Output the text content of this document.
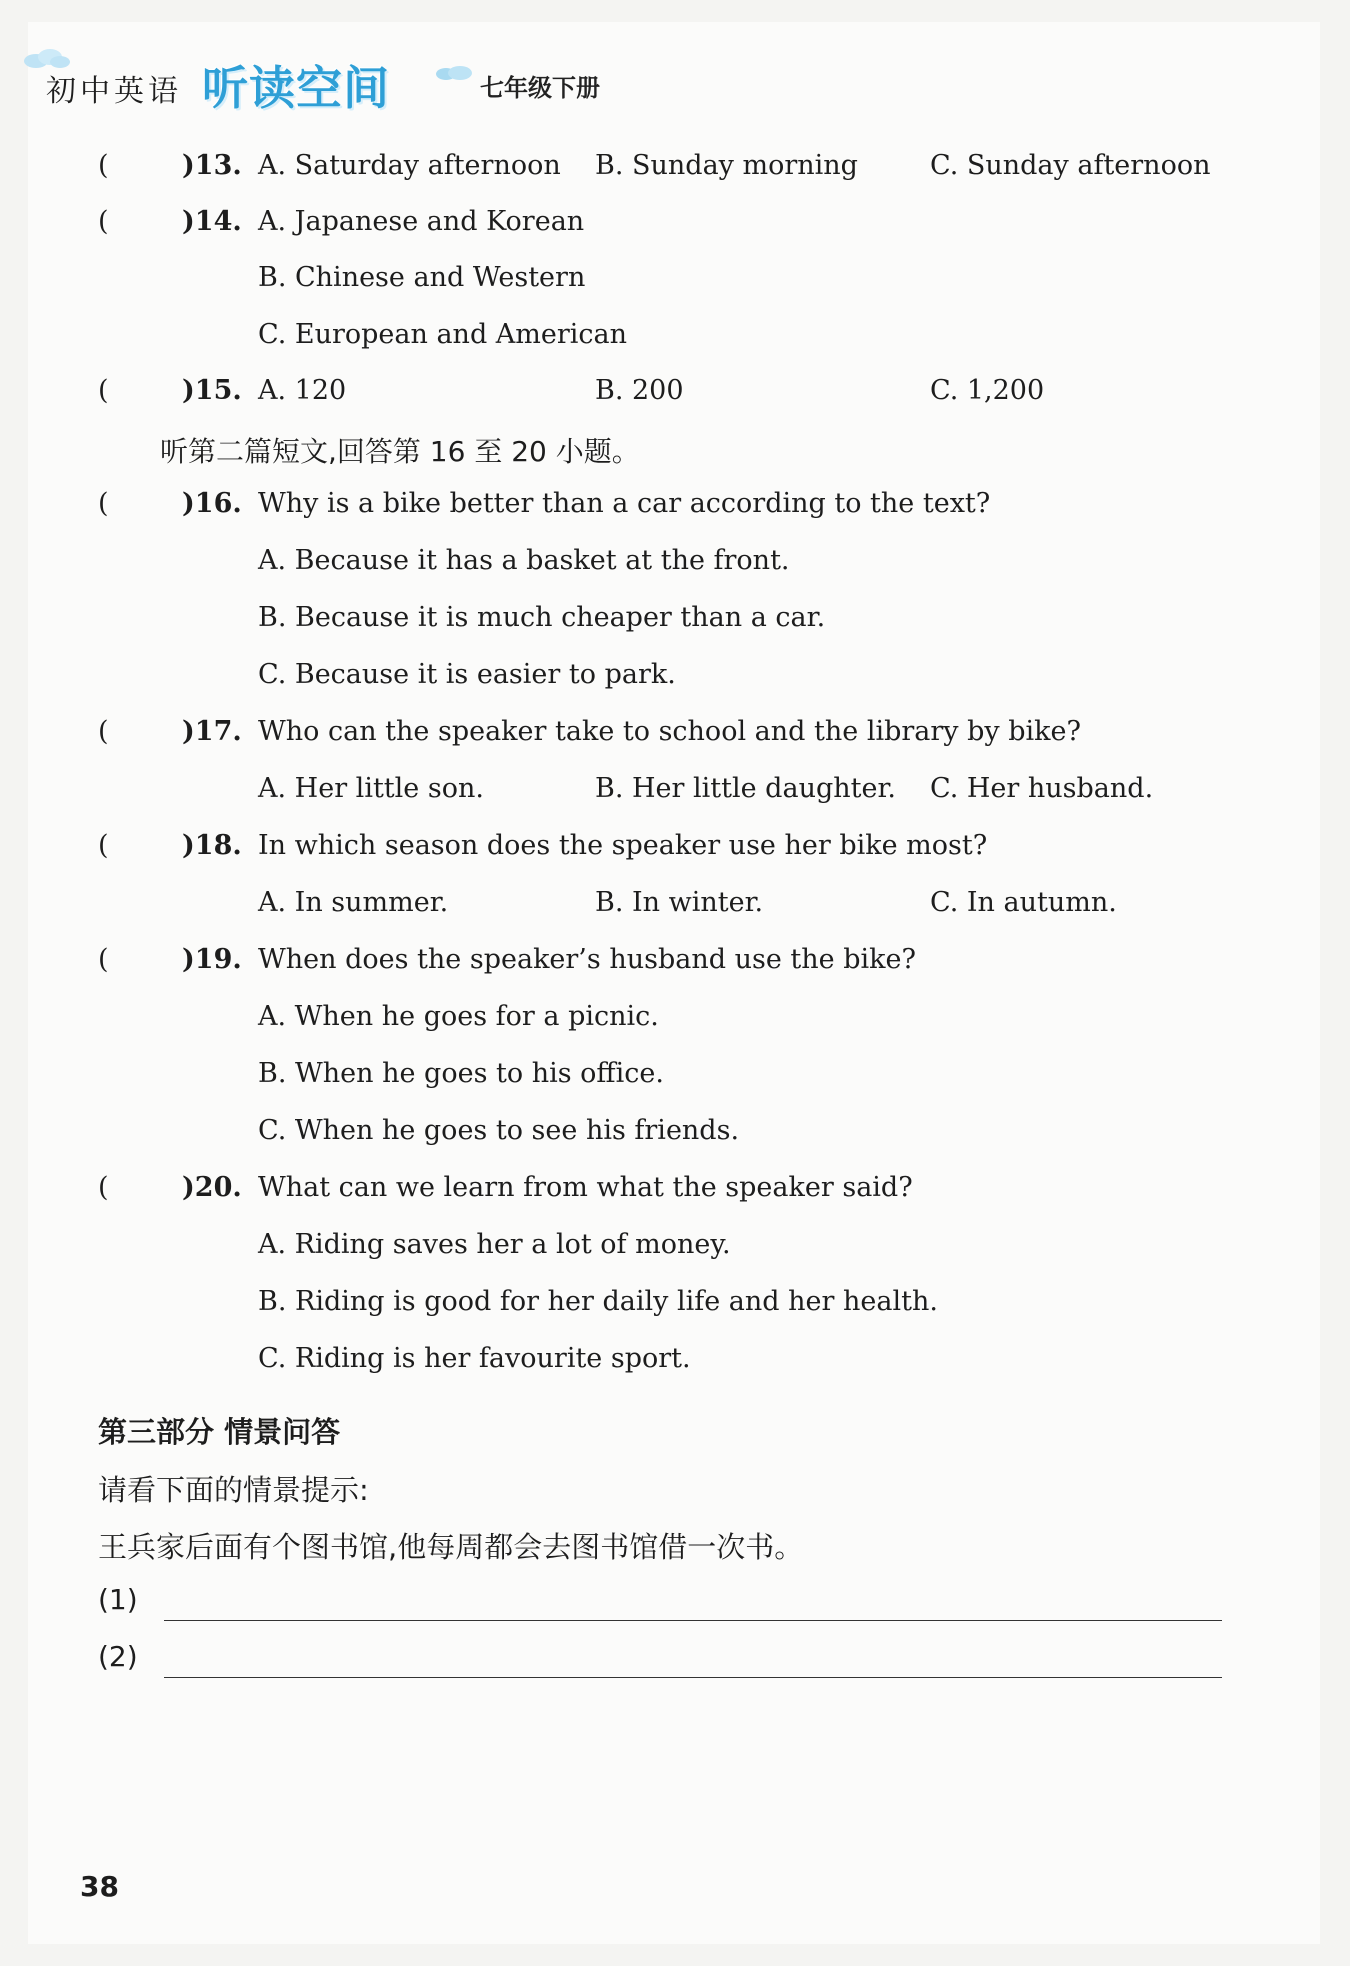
初中英语 听读空间	七年级下册
(	)13. A. Saturday afternoon B. Sunday morning	C. Sunday afternoon
(	)14. A. Japanese and Korean
B. Chinese and Western
C. European and American
(	)15. A. 120	B. 200	C. 1,200
听第二篇短文,回答第 16 至 20 小题。
(	)16. Why is a bike better than a car according to the text?
A. Because it has a basket at the front.
B. Because it is much cheaper than a car.
C. Because it is easier to park.
(	)17. Who can the speaker take to school and the library by bike?
A. Her little son.	B. Her little daughter. C. Her husband.
(	)18. In which season does the speaker use her bike most?
A. In summer.	B. In winter.	C. In autumn.
(	)19. When does the speaker’s husband use the bike?
A. When he goes for a picnic.
B. When he goes to his office.
C. When he goes to see his friends.
(	)20. What can we learn from what the speaker said?
A. Riding saves her a lot of money.
B. Riding is good for her daily life and her health.
C. Riding is her favourite sport.
第三部分 情景问答
请看下面的情景提示:
王兵家后面有个图书馆,他每周都会去图书馆借一次书。
(1)
(2)
38
